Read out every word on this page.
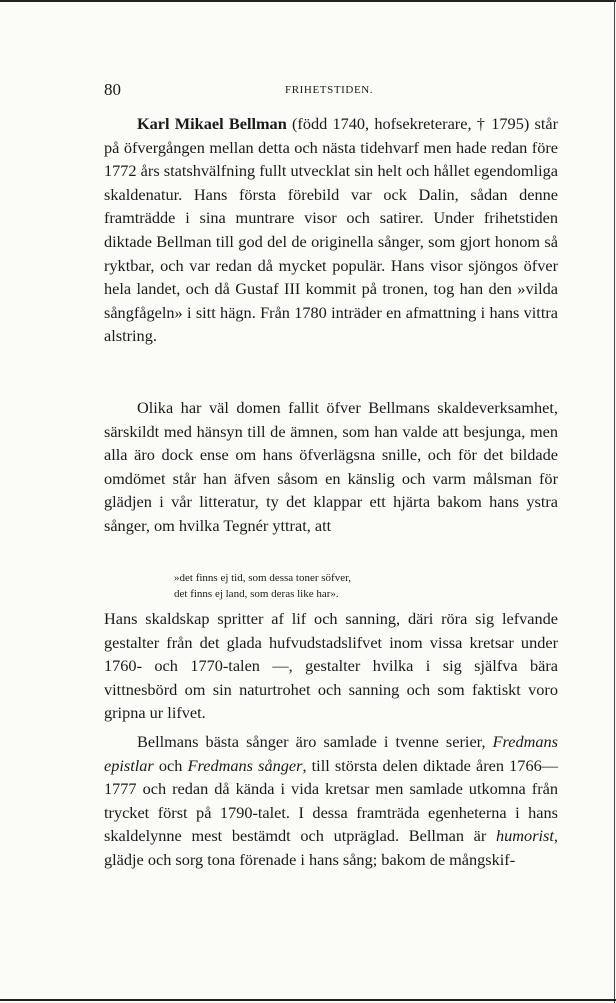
80	FRIHETSTIDEN.

Karl Mikael Bellman (född 1740, hofsekreterare, † 1795) står på öfvergången mellan detta och nästa tidehvarf men hade redan före 1772 års statshvälfning fullt utvecklat sin helt och hållet egendomliga skaldenatur. Hans första förebild var ock Dalin, sådan denne framträdde i sina muntrare visor och satirer. Under frihetstiden diktade Bellman till god del de originella sånger, som gjort honom så ryktbar, och var redan då mycket populär. Hans visor sjöngos öfver hela landet, och då Gustaf III kommit på tronen, tog han den »vilda sångfågeln» i sitt hägn. Från 1780 inträder en afmattning i hans vittra alstring.

Olika har väl domen fallit öfver Bellmans skaldeverksamhet, särskildt med hänsyn till de ämnen, som han valde att besjunga, men alla äro dock ense om hans öfverlägsna snille, och för det bildade omdömet står han äfven såsom en känslig och varm målsman för glädjen i vår litteratur, ty det klappar ett hjärta bakom hans ystra sånger, om hvilka Tegnér yttrat, att

»det finns ej tid, som dessa toner söfver,
det finns ej land, som deras like har».

Hans skaldskap spritter af lif och sanning, däri röra sig lefvande gestalter från det glada hufvudstadslifvet inom vissa kretsar under 1760- och 1770-talen —, gestalter hvilka i sig själfva bära vittnesbörd om sin naturtrohet och sanning och som faktiskt voro gripna ur lifvet.

Bellmans bästa sånger äro samlade i tvenne serier, Fredmans epistlar och Fredmans sånger, till största delen diktade åren 1766—1777 och redan då kända i vida kretsar men samlade utkomna från trycket först på 1790-talet. I dessa framträda egenheterna i hans skaldelynne mest bestämdt och utpräglad. Bellman är humorist, glädje och sorg tona förenade i hans sång; bakom de mångskif-
